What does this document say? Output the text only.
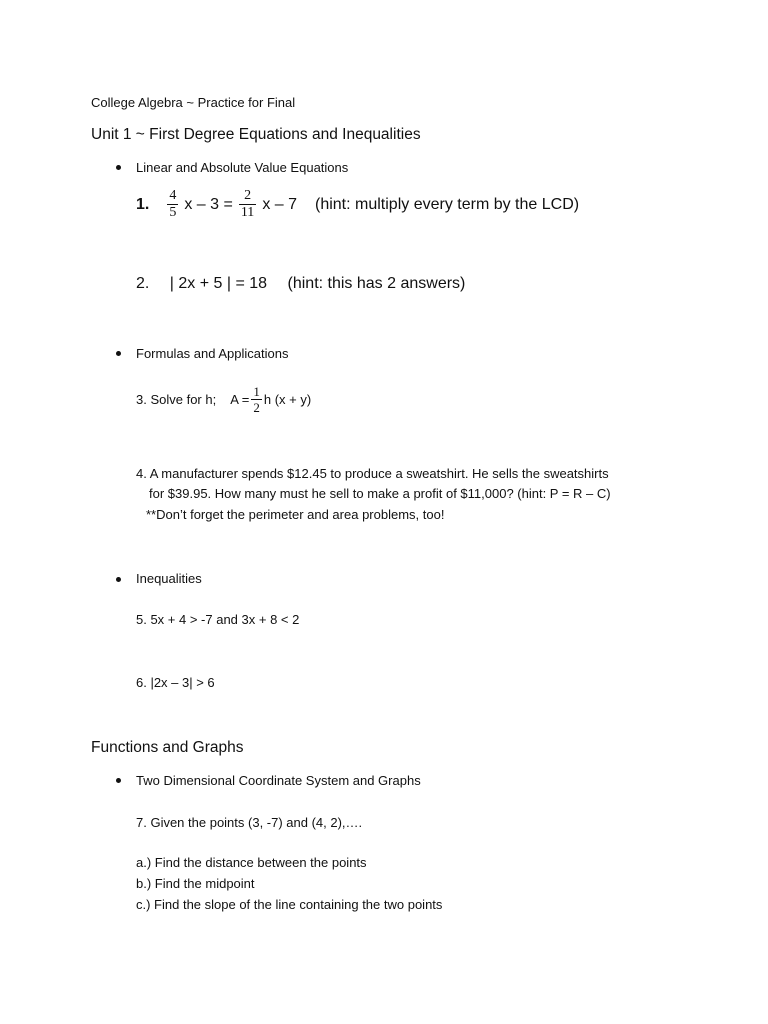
College Algebra ~ Practice for Final
Unit 1 ~ First Degree Equations and Inequalities
Linear and Absolute Value Equations
1. $\frac{4}{5}$ $x - 3 = \frac{2}{11}$ x – 7 (hint: multiply every term by the LCD)
2. | 2x + 5 | = 18 (hint: this has 2 answers)
Formulas and Applications
3. Solve for h; $A = \frac{1}{2}$ h (x + y)
4. A manufacturer spends $12.45 to produce a sweatshirt. He sells the sweatshirts
for $39.95. How many must he sell to make a profit of $11,000? (hint: P = R – C)
**Don’t forget the perimeter and area problems, too!
Inequalities
5. 5x + 4 > -7 and 3x + 8 < 2
6. |2x – 3| > 6
Functions and Graphs
Two Dimensional Coordinate System and Graphs
7. Given the points (3, -7) and (4, 2),….
a.) Find the distance between the points
b.) Find the midpoint
c.) Find the slope of the line containing the two points
